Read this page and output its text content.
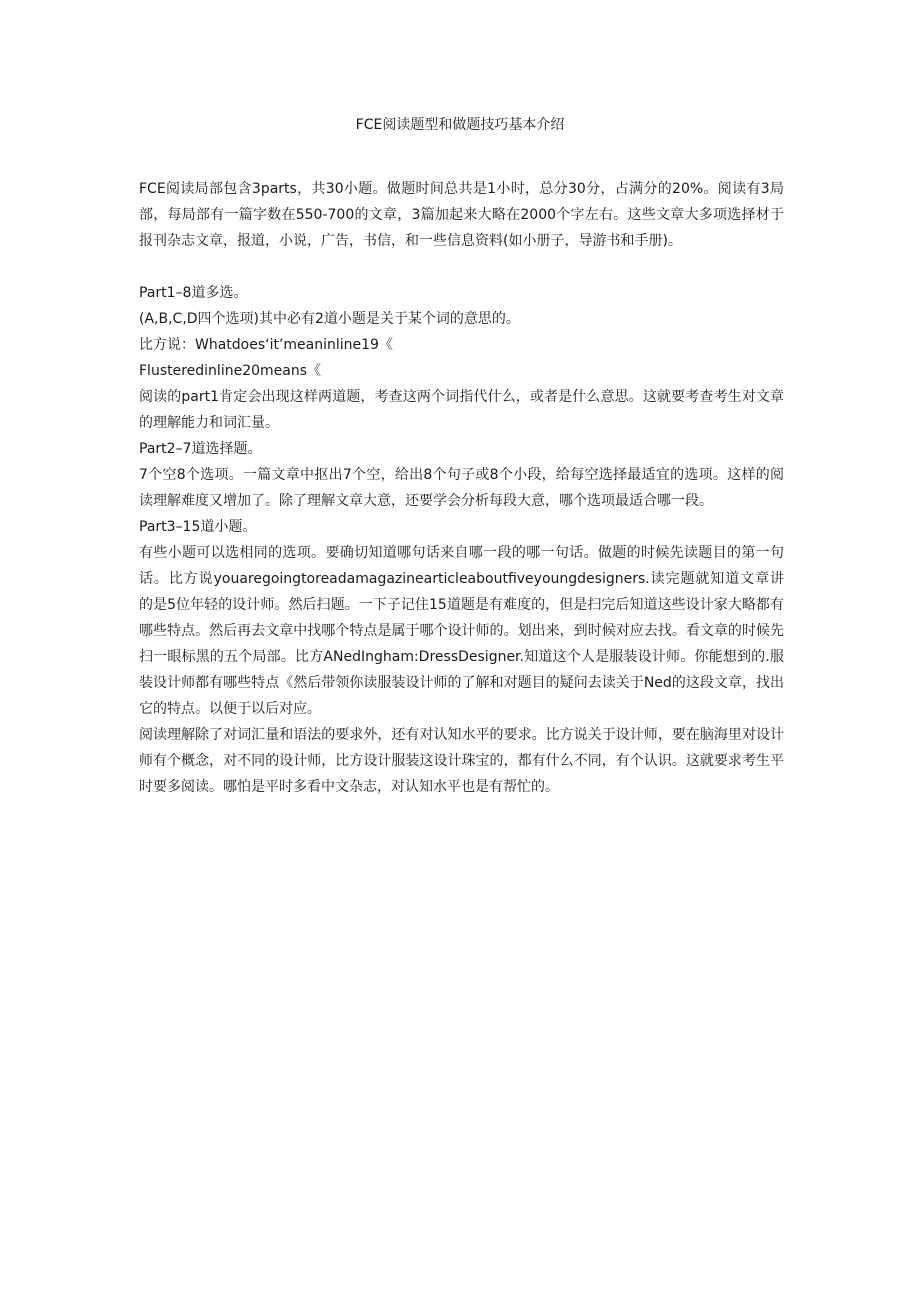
FCE阅读题型和做题技巧基本介绍

FCE阅读局部包含3parts，共30小题。做题时间总共是1小时，总分30分，占满分的20%。阅读有3局部，每局部有一篇字数在550-700的文章，3篇加起来大略在2000个字左右。这些文章大多项选择材于报刊杂志文章，报道，小说，广告，书信，和一些信息资料(如小册子，导游书和手册)。

Part1–8道多选。

(A,B,C,D四个选项)其中必有2道小题是关于某个词的意思的。

比方说：Whatdoes‘it’meaninline19《

Flusteredinline20means《

阅读的part1肯定会出现这样两道题，考查这两个词指代什么，或者是什么意思。这就要考查考生对文章的理解能力和词汇量。

Part2–7道选择题。

7个空8个选项。一篇文章中抠出7个空，给出8个句子或8个小段，给每空选择最适宜的选项。这样的阅读理解难度又增加了。除了理解文章大意，还要学会分析每段大意，哪个选项最适合哪一段。

Part3–15道小题。

有些小题可以选相同的选项。要确切知道哪句话来自哪一段的哪一句话。做题的时候先读题目的第一句话。比方说youaregoingtoreadamagazinearticleaboutfiveyoungdesigners.读完题就知道文章讲的是5位年轻的设计师。然后扫题。一下子记住15道题是有难度的，但是扫完后知道这些设计家大略都有哪些特点。然后再去文章中找哪个特点是属于哪个设计师的。划出来，到时候对应去找。看文章的时候先扫一眼标黑的五个局部。比方ANedIngham:DressDesigner.知道这个人是服装设计师。你能想到的.服装设计师都有哪些特点《然后带领你读服装设计师的了解和对题目的疑问去读关于Ned的这段文章，找出它的特点。以便于以后对应。

阅读理解除了对词汇量和语法的要求外，还有对认知水平的要求。比方说关于设计师，要在脑海里对设计师有个概念，对不同的设计师，比方设计服装这设计珠宝的，都有什么不同，有个认识。这就要求考生平时要多阅读。哪怕是平时多看中文杂志，对认知水平也是有帮忙的。
